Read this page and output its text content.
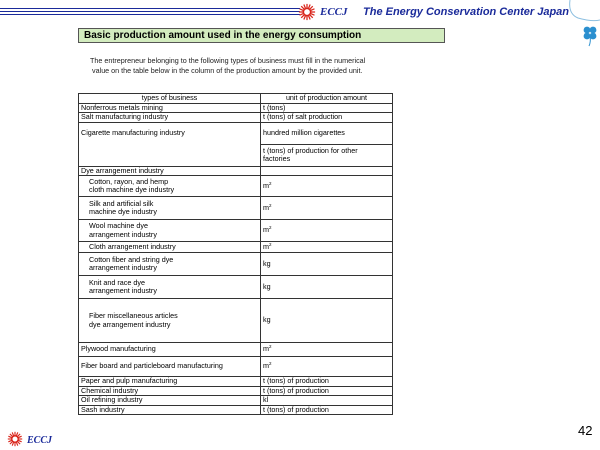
ECCJ The Energy Conservation Center Japan
Basic production amount used in the energy consumption
The entrepreneur belonging to the following types of business must fill in the numerical
value on the table below in the column of the production amount by the provided unit.
types of business	unit of production amount
Nonferrous metals mining	t (tons)
Salt manufacturing industry	t (tons) of salt production
Cigarette manufacturing industry	hundred million cigarettes

	t (tons) of production for other
factories

Dye arrangement industry	

Cotton, rayon, and hemp
cloth machine dye industry	$m^2$

Silk and artificial silk
machine dye industry	$m^2$

Wool machine dye
arrangement industry	$m^2$
Cloth arrangement industry	$m^2$

Cotton fiber and string dye
arrangement industry	kg

Knit and race dye
arrangement industry	kg

Fiber miscellaneous articles
dye arrangement industry	kg
Plywood manufacturing	$m^2$
Fiber board and particleboard manufacturing	$m^2$
Paper and pulp manufacturing	t (tons) of production
Chemical industry	t (tons) of production
Oil refining industry	kl
Sash industry	t (tons) of production
ECCJ
42
